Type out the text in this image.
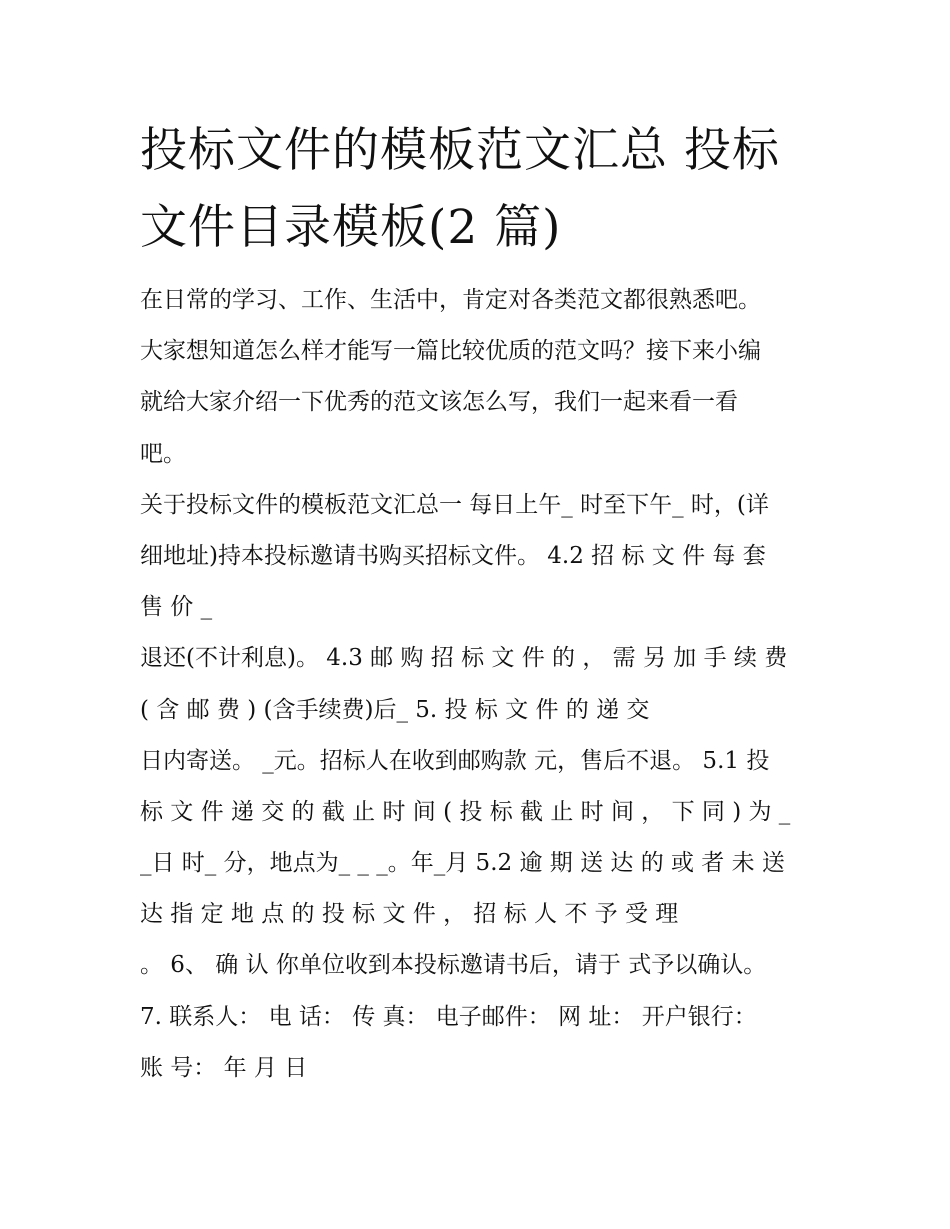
投标文件的模板范文汇总 投标
文件目录模板(2 篇)
在日常的学习、工作、生活中，肯定对各类范文都很熟悉吧。
大家想知道怎么样才能写一篇比较优质的范文吗？接下来小编
就给大家介绍一下优秀的范文该怎么写，我们一起来看一看
吧。
关于投标文件的模板范文汇总一 每日上午_ 时至下午_ 时，(详
细地址)持本投标邀请书购买招标文件。 4.2 招 标 文 件 每 套
售 价 _
退还(不计利息)。 4.3 邮 购 招 标 文 件 的 ， 需 另 加 手 续 费
( 含 邮 费 ) (含手续费)后_ 5. 投 标 文 件 的 递 交
日内寄送。 _元。招标人在收到邮购款 元，售后不退。 5.1 投
标 文 件 递 交 的 截 止 时 间 ( 投 标 截 止 时 间 ， 下 同 ) 为 _
_日 时_ 分，地点为_ _ _。年_月 5.2 逾 期 送 达 的 或 者 未 送
达 指 定 地 点 的 投 标 文 件 ， 招 标 人 不 予 受 理
。 6、 确 认 你单位收到本投标邀请书后，请于 式予以确认。
7. 联系人： 电 话： 传 真： 电子邮件： 网 址： 开户银行：
账 号： 年 月 日
